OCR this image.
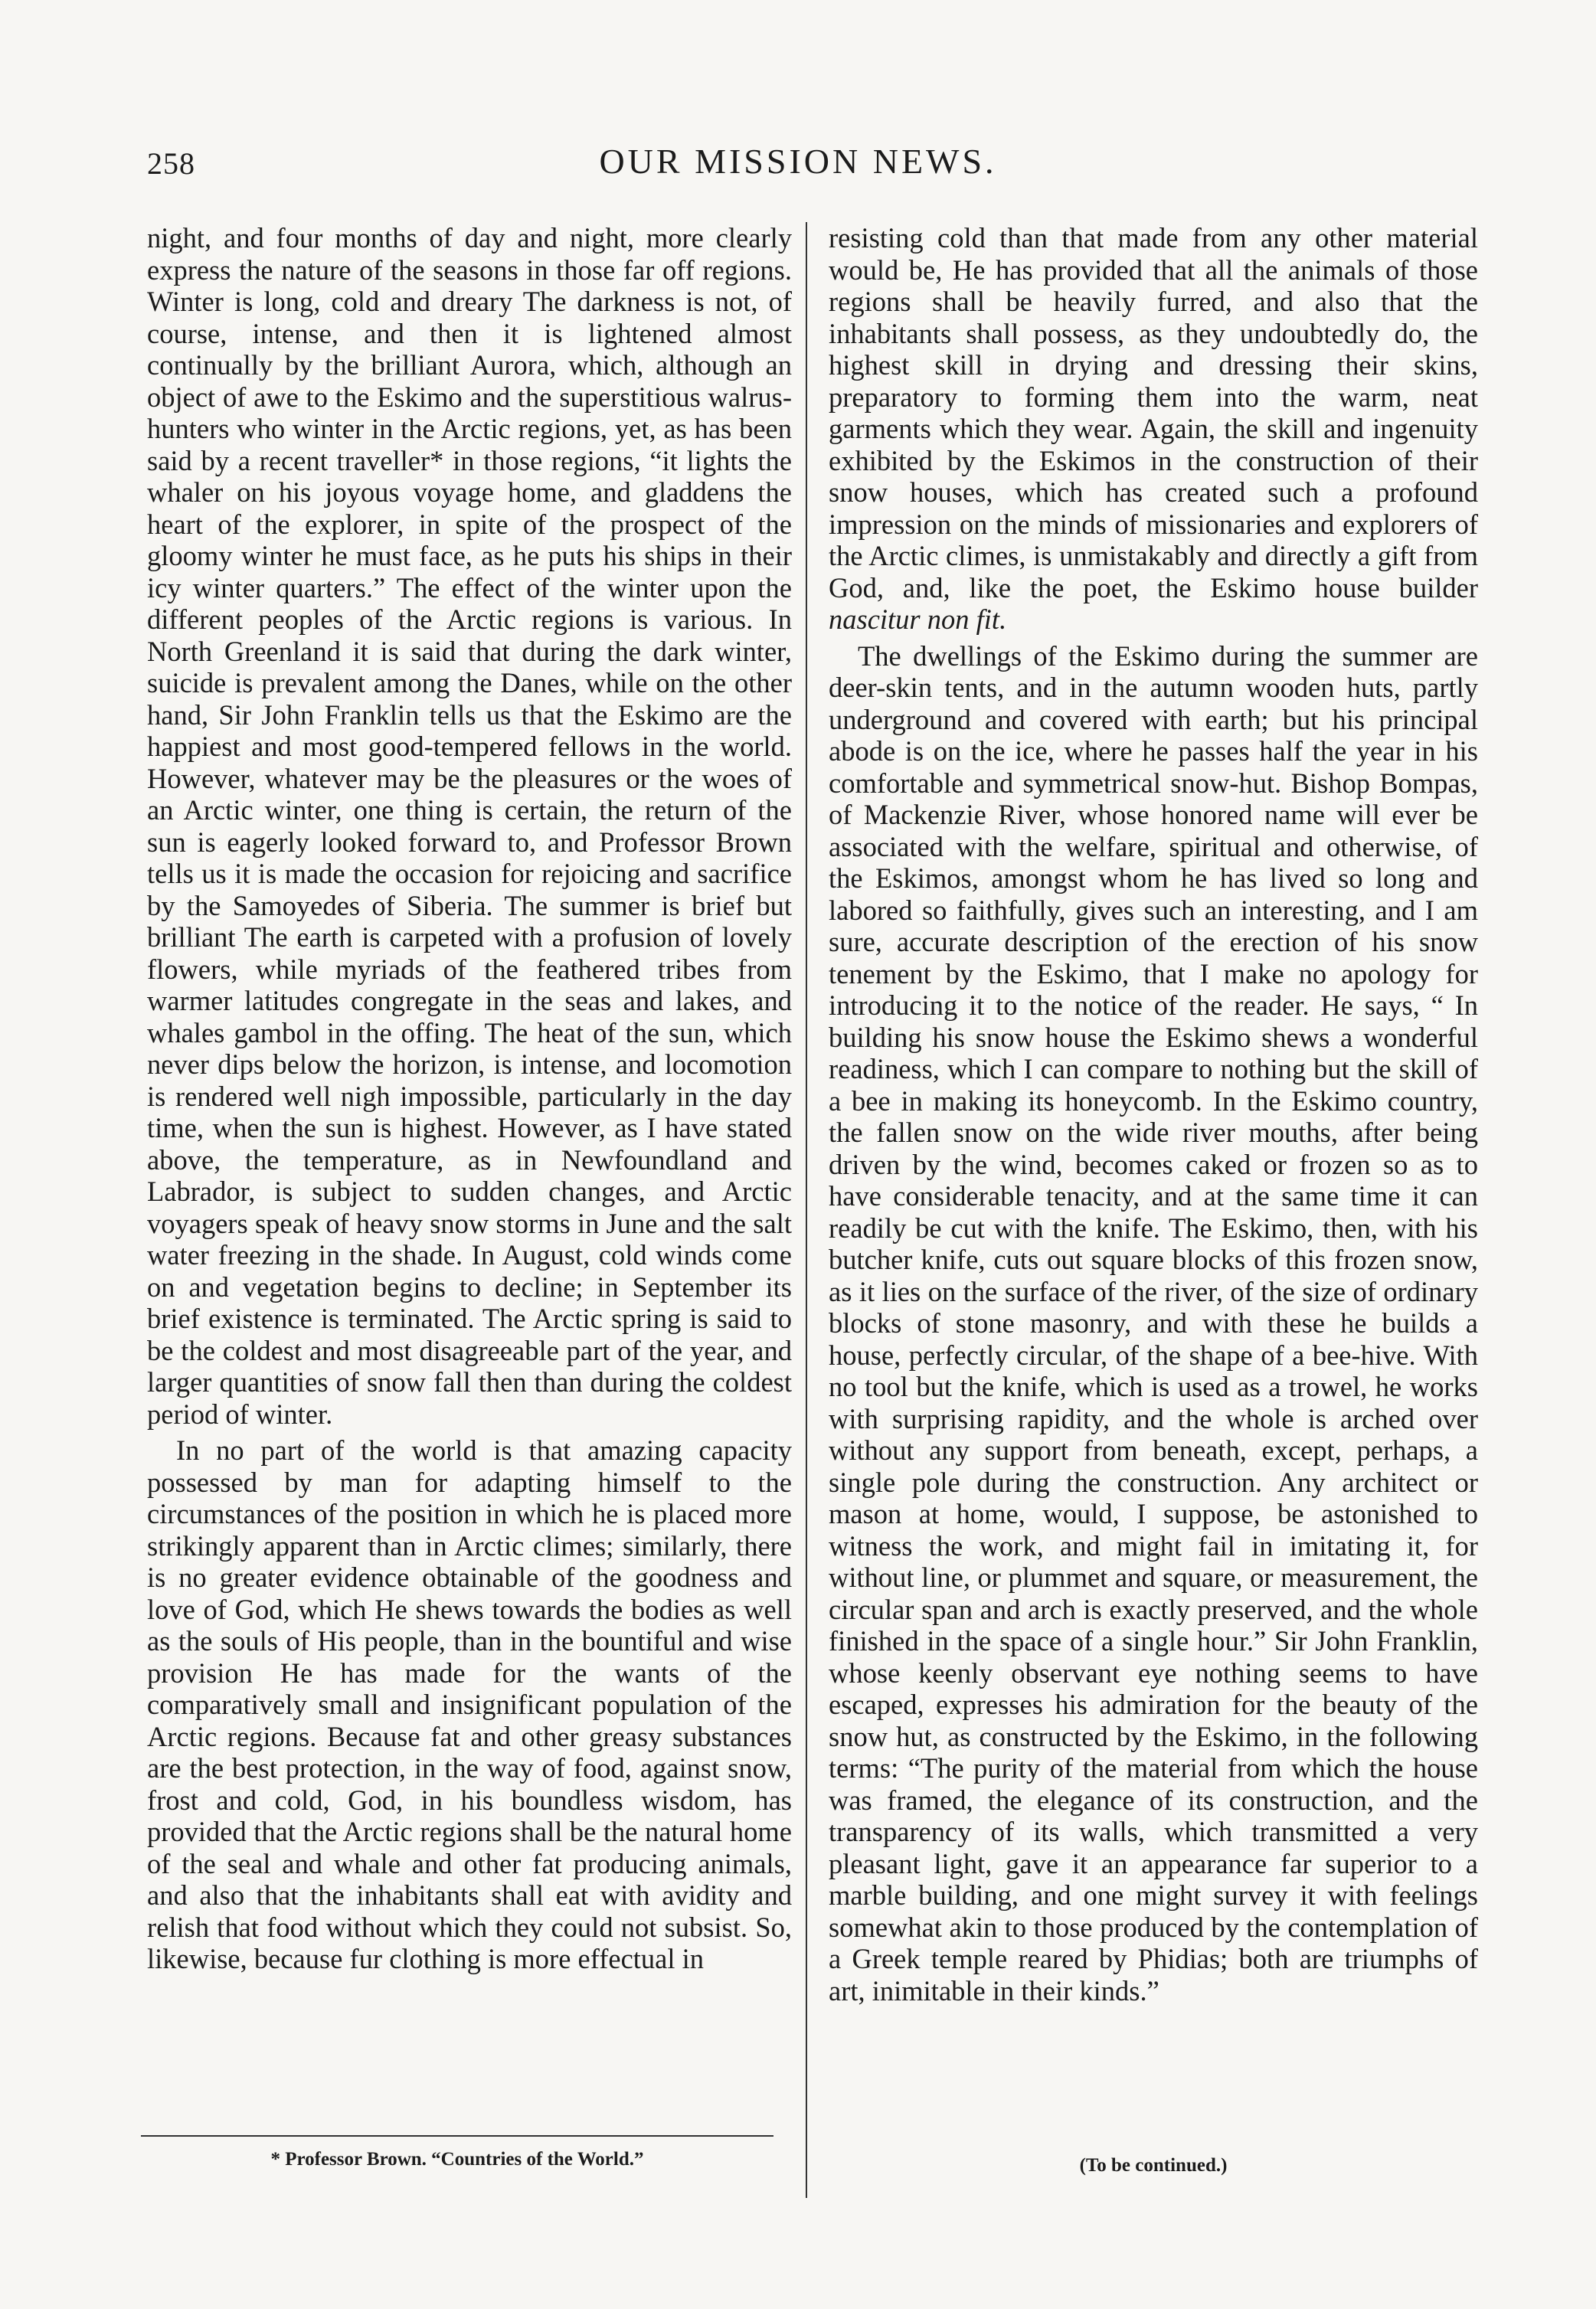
258	OUR MISSION NEWS.

night, and four months of day and night, more clearly express the nature of the seasons in those far off regions. Winter is long, cold and dreary The darkness is not, of course, intense, and then it is lightened almost continually by the brilliant Aurora, which, although an object of awe to the Eskimo and the superstitious walrus-hunters who winter in the Arctic regions, yet, as has been said by a recent traveller* in those regions, “it lights the whaler on his joyous voyage home, and gladdens the heart of the explorer, in spite of the prospect of the gloomy winter he must face, as he puts his ships in their icy winter quarters.” The effect of the winter upon the different peoples of the Arctic regions is various. In North Greenland it is said that during the dark winter, suicide is prevalent among the Danes, while on the other hand, Sir John Franklin tells us that the Eskimo are the happiest and most good-tempered fellows in the world. However, whatever may be the pleasures or the woes of an Arctic winter, one thing is certain, the return of the sun is eagerly looked forward to, and Professor Brown tells us it is made the occasion for rejoicing and sacrifice by the Samoyedes of Siberia. The summer is brief but brilliant The earth is carpeted with a profusion of lovely flowers, while myriads of the feathered tribes from warmer latitudes congregate in the seas and lakes, and whales gambol in the offing. The heat of the sun, which never dips below the horizon, is intense, and locomotion is rendered well nigh impossible, particularly in the day time, when the sun is highest. However, as I have stated above, the temperature, as in Newfoundland and Labrador, is subject to sudden changes, and Arctic voyagers speak of heavy snow storms in June and the salt water freezing in the shade. In August, cold winds come on and vegetation begins to decline; in September its brief existence is terminated. The Arctic spring is said to be the coldest and most disagreeable part of the year, and larger quantities of snow fall then than during the coldest period of winter.

In no part of the world is that amazing capacity possessed by man for adapting himself to the circumstances of the position in which he is placed more strikingly apparent than in Arctic climes; similarly, there is no greater evidence obtainable of the goodness and love of God, which He shews towards the bodies as well as the souls of His people, than in the bountiful and wise provision He has made for the wants of the comparatively small and insignificant population of the Arctic regions. Because fat and other greasy substances are the best protection, in the way of food, against snow, frost and cold, God, in his boundless wisdom, has provided that the Arctic regions shall be the natural home of the seal and whale and other fat producing animals, and also that the inhabitants shall eat with avidity and relish that food without which they could not subsist. So, likewise, because fur clothing is more effectual in

resisting cold than that made from any other material would be, He has provided that all the animals of those regions shall be heavily furred, and also that the inhabitants shall possess, as they undoubtedly do, the highest skill in drying and dressing their skins, preparatory to forming them into the warm, neat garments which they wear. Again, the skill and ingenuity exhibited by the Eskimos in the construction of their snow houses, which has created such a profound impression on the minds of missionaries and explorers of the Arctic climes, is unmistakably and directly a gift from God, and, like the poet, the Eskimo house builder nascitur non fit.

The dwellings of the Eskimo during the summer are deer-skin tents, and in the autumn wooden huts, partly underground and covered with earth; but his principal abode is on the ice, where he passes half the year in his comfortable and symmetrical snow-hut. Bishop Bompas, of Mackenzie River, whose honored name will ever be associated with the welfare, spiritual and otherwise, of the Eskimos, amongst whom he has lived so long and labored so faithfully, gives such an interesting, and I am sure, accurate description of the erection of his snow tenement by the Eskimo, that I make no apology for introducing it to the notice of the reader. He says, “ In building his snow house the Eskimo shews a wonderful readiness, which I can compare to nothing but the skill of a bee in making its honeycomb. In the Eskimo country, the fallen snow on the wide river mouths, after being driven by the wind, becomes caked or frozen so as to have considerable tenacity, and at the same time it can readily be cut with the knife. The Eskimo, then, with his butcher knife, cuts out square blocks of this frozen snow, as it lies on the surface of the river, of the size of ordinary blocks of stone masonry, and with these he builds a house, perfectly circular, of the shape of a bee-hive. With no tool but the knife, which is used as a trowel, he works with surprising rapidity, and the whole is arched over without any support from beneath, except, perhaps, a single pole during the construction. Any architect or mason at home, would, I suppose, be astonished to witness the work, and might fail in imitating it, for without line, or plummet and square, or measurement, the circular span and arch is exactly preserved, and the whole finished in the space of a single hour.” Sir John Franklin, whose keenly observant eye nothing seems to have escaped, expresses his admiration for the beauty of the snow hut, as constructed by the Eskimo, in the following terms: “The purity of the material from which the house was framed, the elegance of its construction, and the transparency of its walls, which transmitted a very pleasant light, gave it an appearance far superior to a marble building, and one might survey it with feelings somewhat akin to those produced by the contemplation of a Greek temple reared by Phidias; both are triumphs of art, inimitable in their kinds.”

* Professor Brown. “Countries of the World.”	(To be continued.)
